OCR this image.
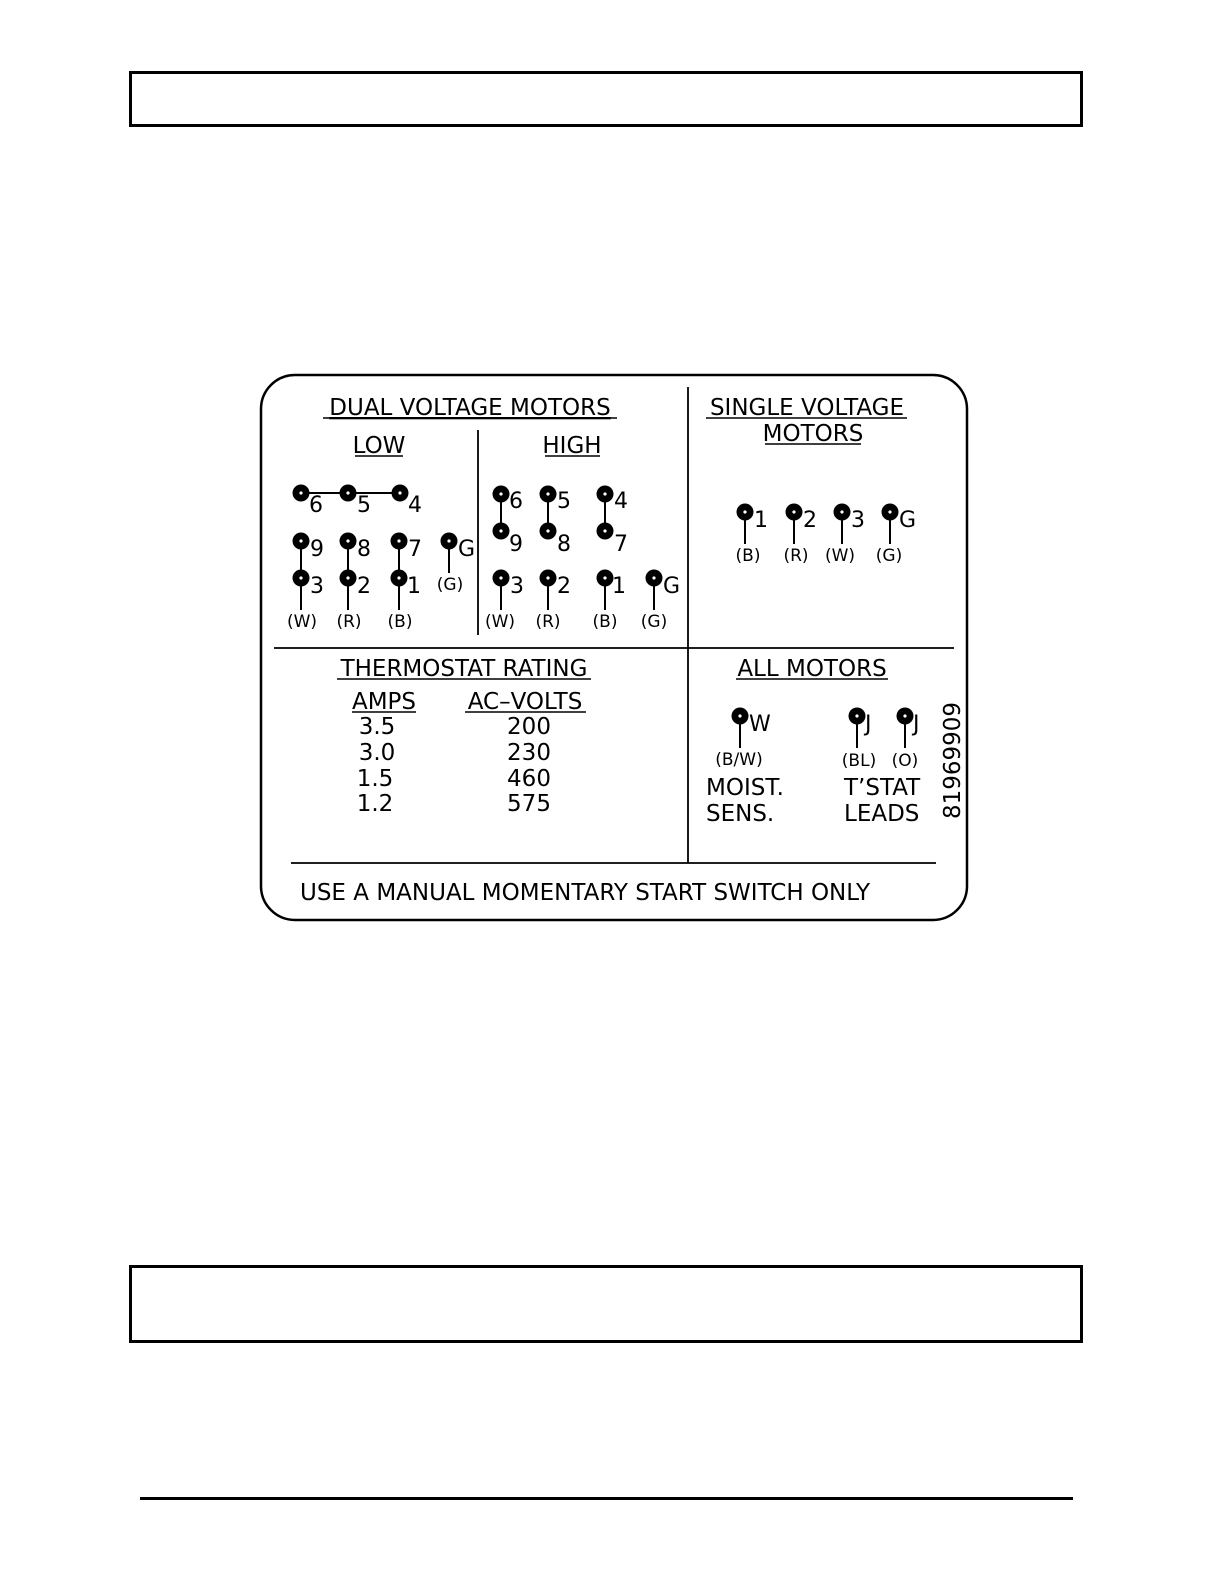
DUAL VOLTAGE MOTORS
LOW	HIGH
SINGLE VOLTAGE
MOTORS
THERMOSTAT RATING	ALL MOTORS
6 5 4
9 8 7
3 2 1
G
(W) (R) (B)
(G)
6 5 4
9 8 7
3 2 1 G
(W) (R) (B) (G)
1 2 3 G
(B) (R) (W) (G)
AMPS AC–VOLTS
3.5	200
3.0	230
1.5	460
1.2	575
W	J J
(B/W)	(BL) (O)
MOIST.
SENS.
T’STAT
LEADS 81969909
USE A MANUAL MOMENTARY START SWITCH ONLY
